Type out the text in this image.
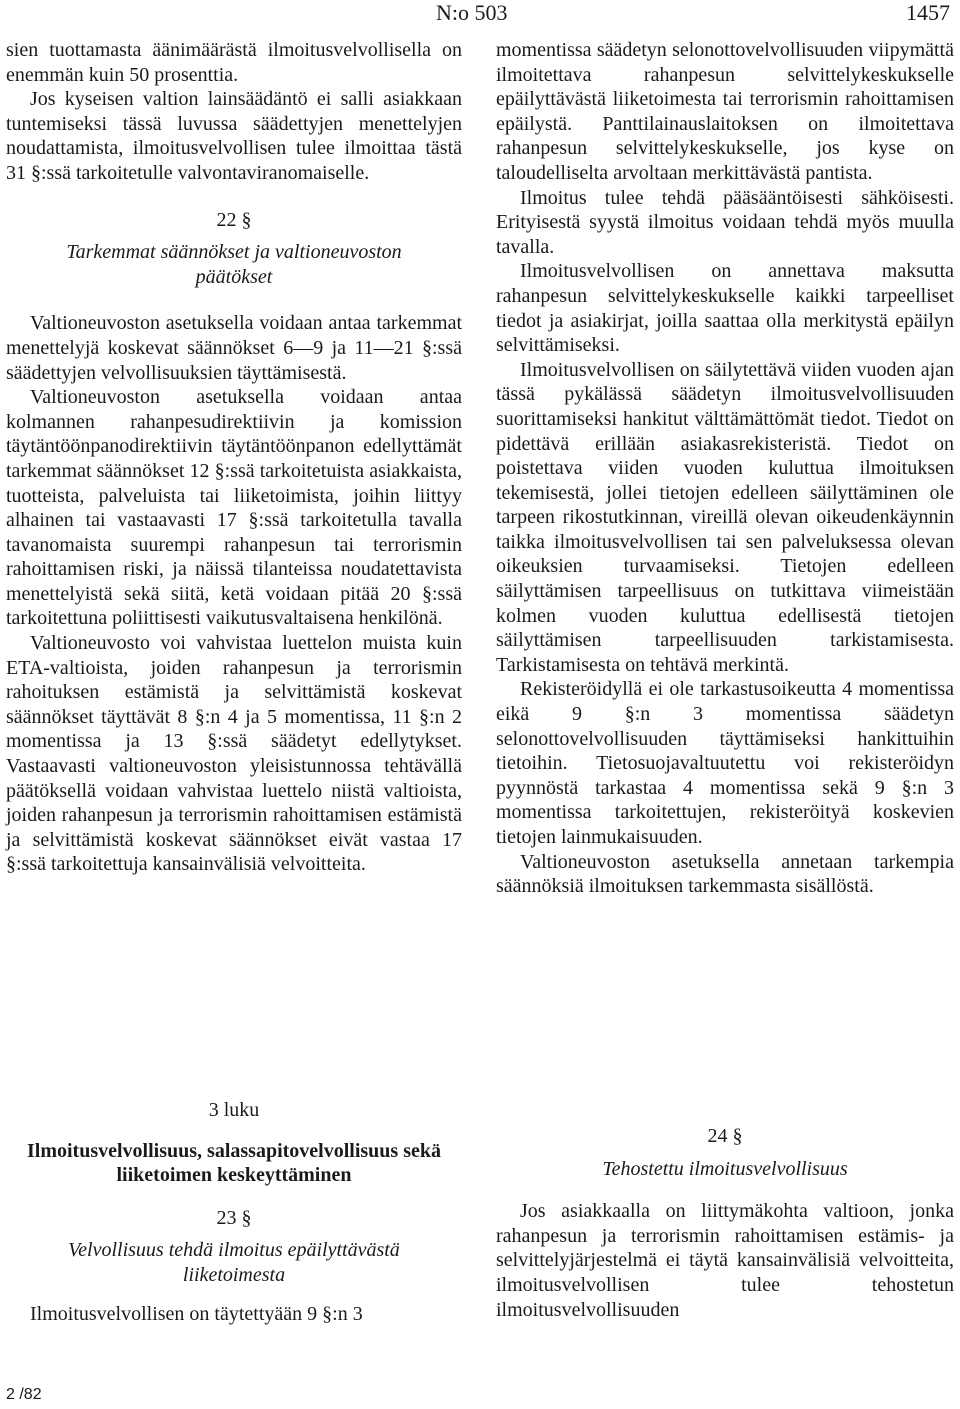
N:o 503	1457

sien tuottamasta äänimäärästä ilmoitusvelvollisella on enemmän kuin 50 prosenttia.

Jos kyseisen valtion lainsäädäntö ei salli asiakkaan tuntemiseksi tässä luvussa säädettyjen menettelyjen noudattamista, ilmoitusvelvollisen tulee ilmoittaa tästä 31 §:ssä tarkoitetulle valvontaviranomaiselle.

22 §
Tarkemmat säännökset ja valtioneuvoston päätökset

Valtioneuvoston asetuksella voidaan antaa tarkemmat menettelyjä koskevat säännökset 6—9 ja 11—21 §:ssä säädettyjen velvollisuuksien täyttämisestä.

Valtioneuvoston asetuksella voidaan antaa kolmannen rahanpesudirektiivin ja komission täytäntöönpanodirektiivin täytäntöönpanon edellyttämät tarkemmat säännökset 12 §:ssä tarkoitetuista asiakkaista, tuotteista, palveluista tai liiketoimista, joihin liittyy alhainen tai vastaavasti 17 §:ssä tarkoitetulla tavalla tavanomaista suurempi rahanpesun tai terrorismin rahoittamisen riski, ja näissä tilanteissa noudatettavista menettelyistä sekä siitä, ketä voidaan pitää 20 §:ssä tarkoitettuna poliittisesti vaikutusvaltaisena henkilönä.

Valtioneuvosto voi vahvistaa luettelon muista kuin ETA-valtioista, joiden rahanpesun ja terrorismin rahoituksen estämistä ja selvittämistä koskevat säännökset täyttävät 8 §:n 4 ja 5 momentissa, 11 §:n 2 momentissa ja 13 §:ssä säädetyt edellytykset. Vastaavasti valtioneuvoston yleisistunnossa tehtävällä päätöksellä voidaan vahvistaa luettelo niistä valtioista, joiden rahanpesun ja terrorismin rahoittamisen estämistä ja selvittämistä koskevat säännökset eivät vastaa 17 §:ssä tarkoitettuja kansainvälisiä velvoitteita.

3 luku
Ilmoitusvelvollisuus, salassapitovelvollisuus sekä liiketoimen keskeyttäminen
23 §
Velvollisuus tehdä ilmoitus epäilyttävästä liiketoimesta

Ilmoitusvelvollisen on täytettyään 9 §:n 3

momentissa säädetyn selonottovelvollisuuden viipymättä ilmoitettava rahanpesun selvittelykeskukselle epäilyttävästä liiketoimesta tai terrorismin rahoittamisen epäilystä. Panttilainauslaitoksen on ilmoitettava rahanpesun selvittelykeskukselle, jos kyse on taloudelliselta arvoltaan merkittävästä pantista.

Ilmoitus tulee tehdä pääsääntöisesti sähköisesti. Erityisestä syystä ilmoitus voidaan tehdä myös muulla tavalla.

Ilmoitusvelvollisen on annettava maksutta rahanpesun selvittelykeskukselle kaikki tarpeelliset tiedot ja asiakirjat, joilla saattaa olla merkitystä epäilyn selvittämiseksi.

Ilmoitusvelvollisen on säilytettävä viiden vuoden ajan tässä pykälässä säädetyn ilmoitusvelvollisuuden suorittamiseksi hankitut välttämättömät tiedot. Tiedot on pidettävä erillään asiakasrekisteristä. Tiedot on poistettava viiden vuoden kuluttua ilmoituksen tekemisestä, jollei tietojen edelleen säilyttäminen ole tarpeen rikostutkinnan, vireillä olevan oikeudenkäynnin taikka ilmoitusvelvollisen tai sen palveluksessa olevan oikeuksien turvaamiseksi. Tietojen edelleen säilyttämisen tarpeellisuus on tutkittava viimeistään kolmen vuoden kuluttua edellisestä tietojen säilyttämisen tarpeellisuuden tarkistamisesta. Tarkistamisesta on tehtävä merkintä.

Rekisteröidyllä ei ole tarkastusoikeutta 4 momentissa eikä 9 §:n 3 momentissa säädetyn selonottovelvollisuuden täyttämiseksi hankittuihin tietoihin. Tietosuojavaltuutettu voi rekisteröidyn pyynnöstä tarkastaa 4 momentissa sekä 9 §:n 3 momentissa tarkoitettujen, rekisteröityä koskevien tietojen lainmukaisuuden.

Valtioneuvoston asetuksella annetaan tarkempia säännöksiä ilmoituksen tarkemmasta sisällöstä.

24 §
Tehostettu ilmoitusvelvollisuus

Jos asiakkaalla on liittymäkohta valtioon, jonka rahanpesun ja terrorismin rahoittamisen estämis- ja selvittelyjärjestelmä ei täytä kansainvälisiä velvoitteita, ilmoitusvelvollisen tulee tehostetun ilmoitusvelvollisuuden

2 /82
